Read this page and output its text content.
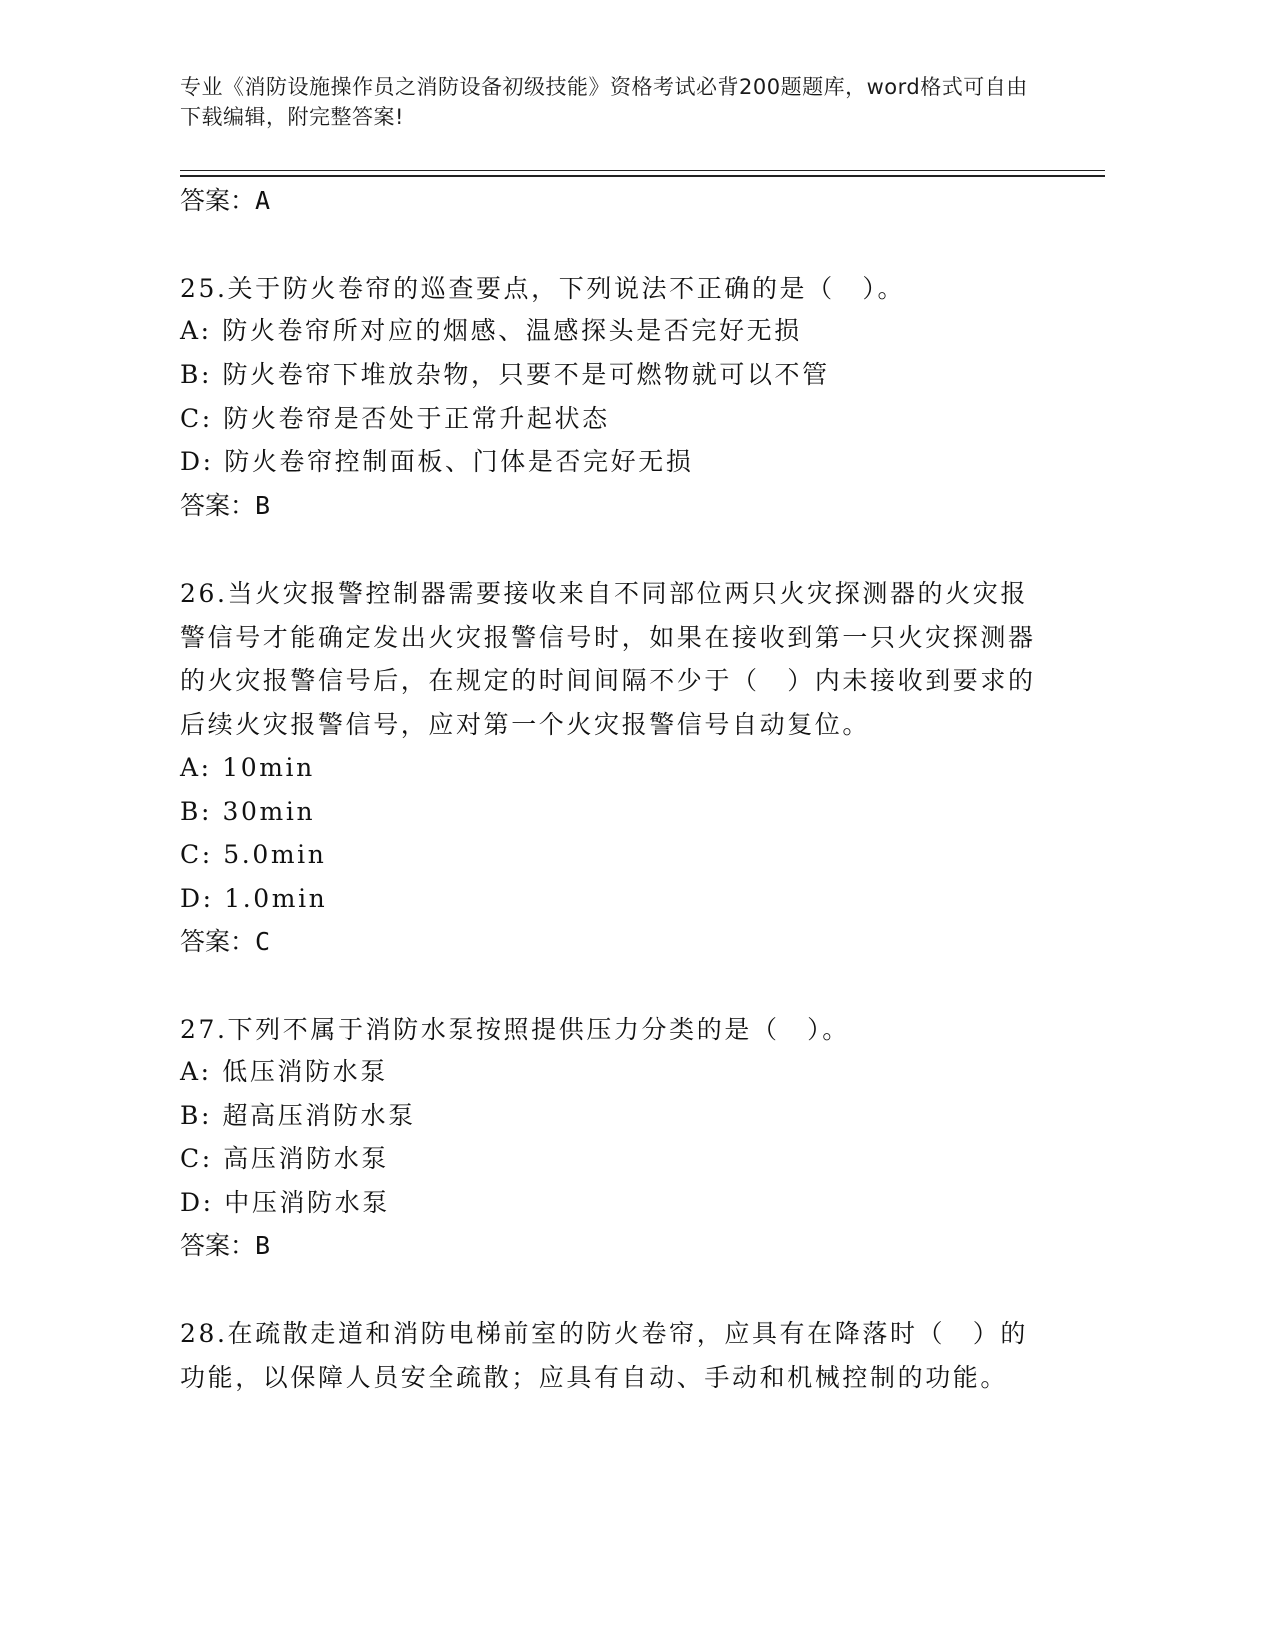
专业《消防设施操作员之消防设备初级技能》资格考试必背200题题库，word格式可自由下载编辑，附完整答案!
答案：A
25.关于防火卷帘的巡查要点，下列说法不正确的是（　）。
A: 防火卷帘所对应的烟感、温感探头是否完好无损
B: 防火卷帘下堆放杂物，只要不是可燃物就可以不管
C: 防火卷帘是否处于正常升起状态
D: 防火卷帘控制面板、门体是否完好无损
答案：B
26.当火灾报警控制器需要接收来自不同部位两只火灾探测器的火灾报警信号才能确定发出火灾报警信号时，如果在接收到第一只火灾探测器的火灾报警信号后，在规定的时间间隔不少于（　）内未接收到要求的后续火灾报警信号，应对第一个火灾报警信号自动复位。
A: 10min
B: 30min
C: 5.0min
D: 1.0min
答案：C
27.下列不属于消防水泵按照提供压力分类的是（　）。
A: 低压消防水泵
B: 超高压消防水泵
C: 高压消防水泵
D: 中压消防水泵
答案：B
28.在疏散走道和消防电梯前室的防火卷帘，应具有在降落时（　）的功能，以保障人员安全疏散；应具有自动、手动和机械控制的功能。
